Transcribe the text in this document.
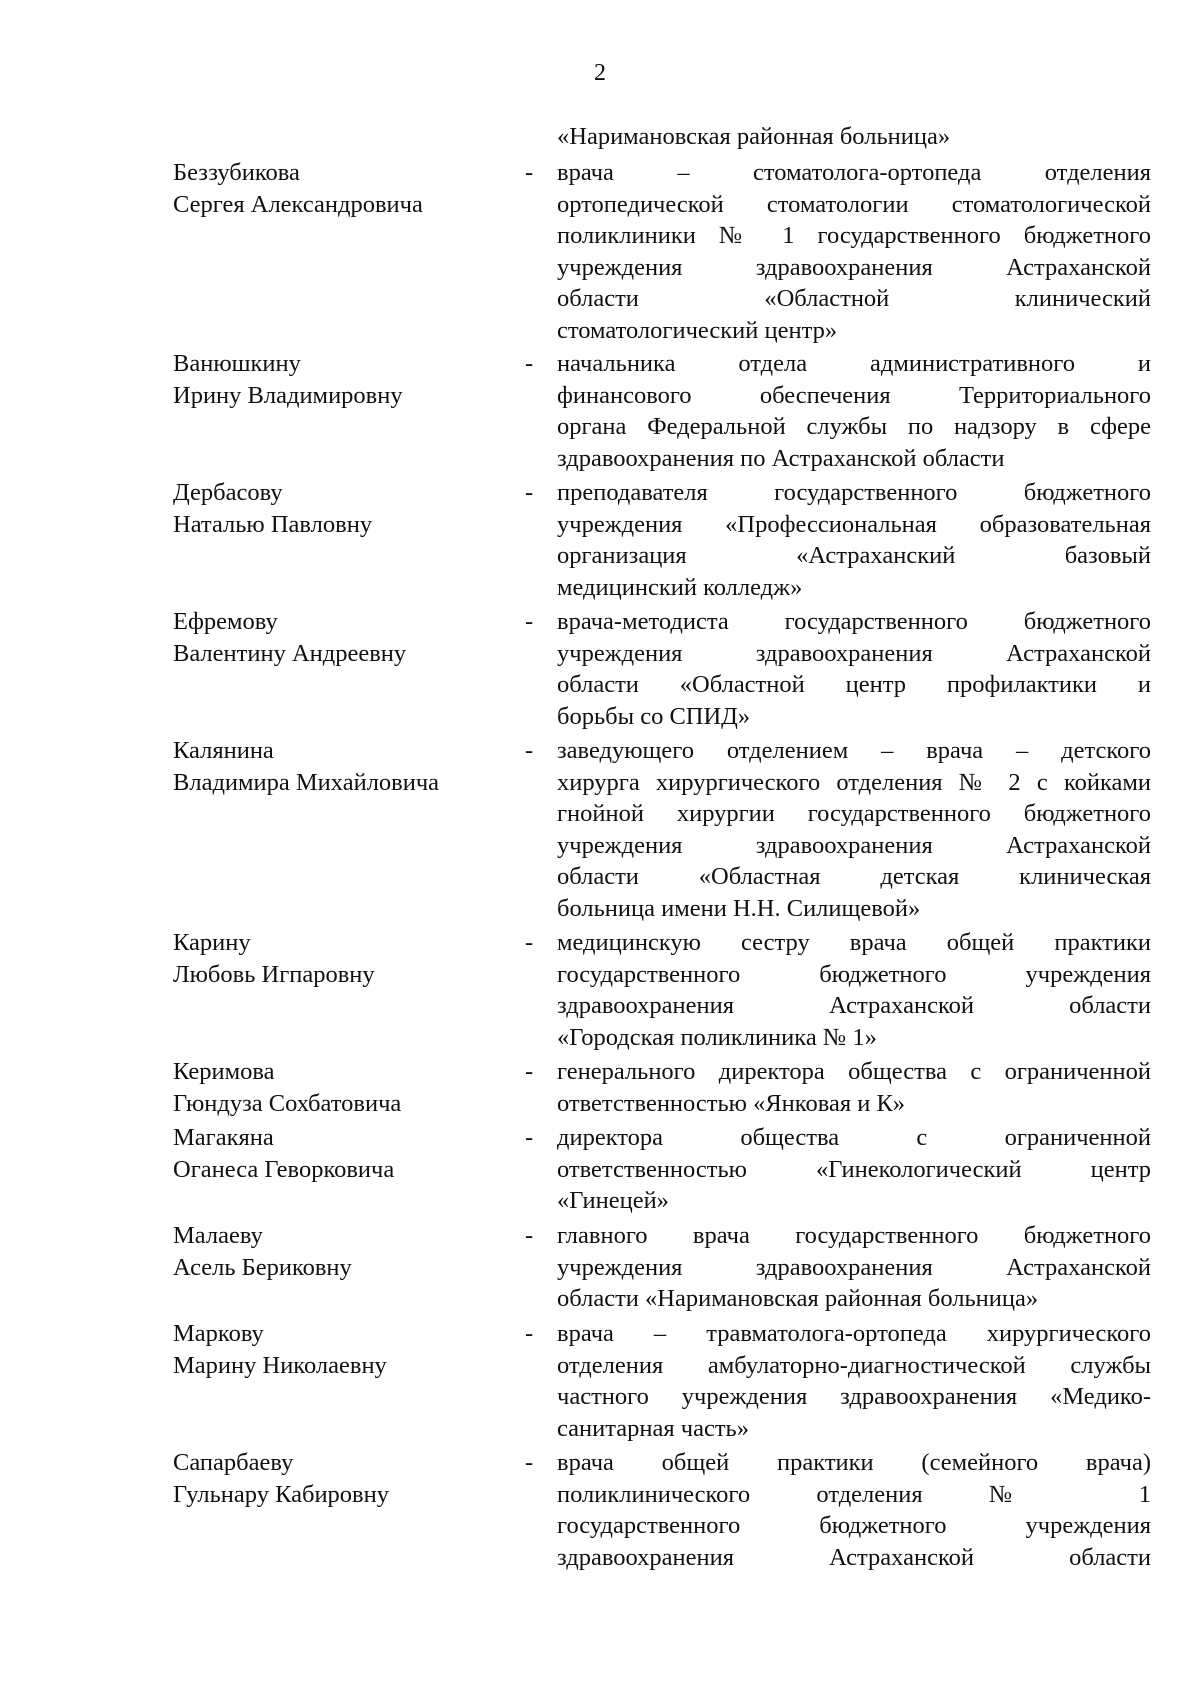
2
«Наримановская районная больница»
Беззубикова
Сергея Александровича
- врача – стоматолога-ортопеда отделения
ортопедической стоматологии стоматологической
поликлиники № 1 государственного бюджетного
учреждения здравоохранения Астраханской
области «Областной клинический
стоматологический центр»
Ванюшкину
Ирину Владимировну
- начальника отдела административного и
финансового обеспечения Территориального
органа Федеральной службы по надзору в сфере
здравоохранения по Астраханской области
Дербасову
Наталью Павловну
- преподавателя государственного бюджетного
учреждения «Профессиональная образовательная
организация «Астраханский базовый
медицинский колледж»
Ефремову
Валентину Андреевну
- врача-методиста государственного бюджетного
учреждения здравоохранения Астраханской
области «Областной центр профилактики и
борьбы со СПИД»
Калянина
Владимира Михайловича
- заведующего отделением – врача – детского
хирурга хирургического отделения № 2 с койками
гнойной хирургии государственного бюджетного
учреждения здравоохранения Астраханской
области «Областная детская клиническая
больница имени Н.Н. Силищевой»
Карину
Любовь Игпаровну
- медицинскую сестру врача общей практики
государственного бюджетного учреждения
здравоохранения Астраханской области
«Городская поликлиника № 1»
Керимова
Гюндуза Сохбатовича
- генерального директора общества с ограниченной
ответственностью «Янковая и К»
Магакяна
Оганеса Геворковича
- директора общества с ограниченной
ответственностью «Гинекологический центр
«Гинецей»
Малаеву
Асель Бериковну
- главного врача государственного бюджетного
учреждения здравоохранения Астраханской
области «Наримановская районная больница»
Маркову
Марину Николаевну
- врача – травматолога-ортопеда хирургического
отделения амбулаторно-диагностической службы
частного учреждения здравоохранения «Медико-
санитарная часть»
Сапарбаеву
Гульнару Кабировну
- врача общей практики (семейного врача)
поликлинического отделения № 1
государственного бюджетного учреждения
здравоохранения Астраханской области
